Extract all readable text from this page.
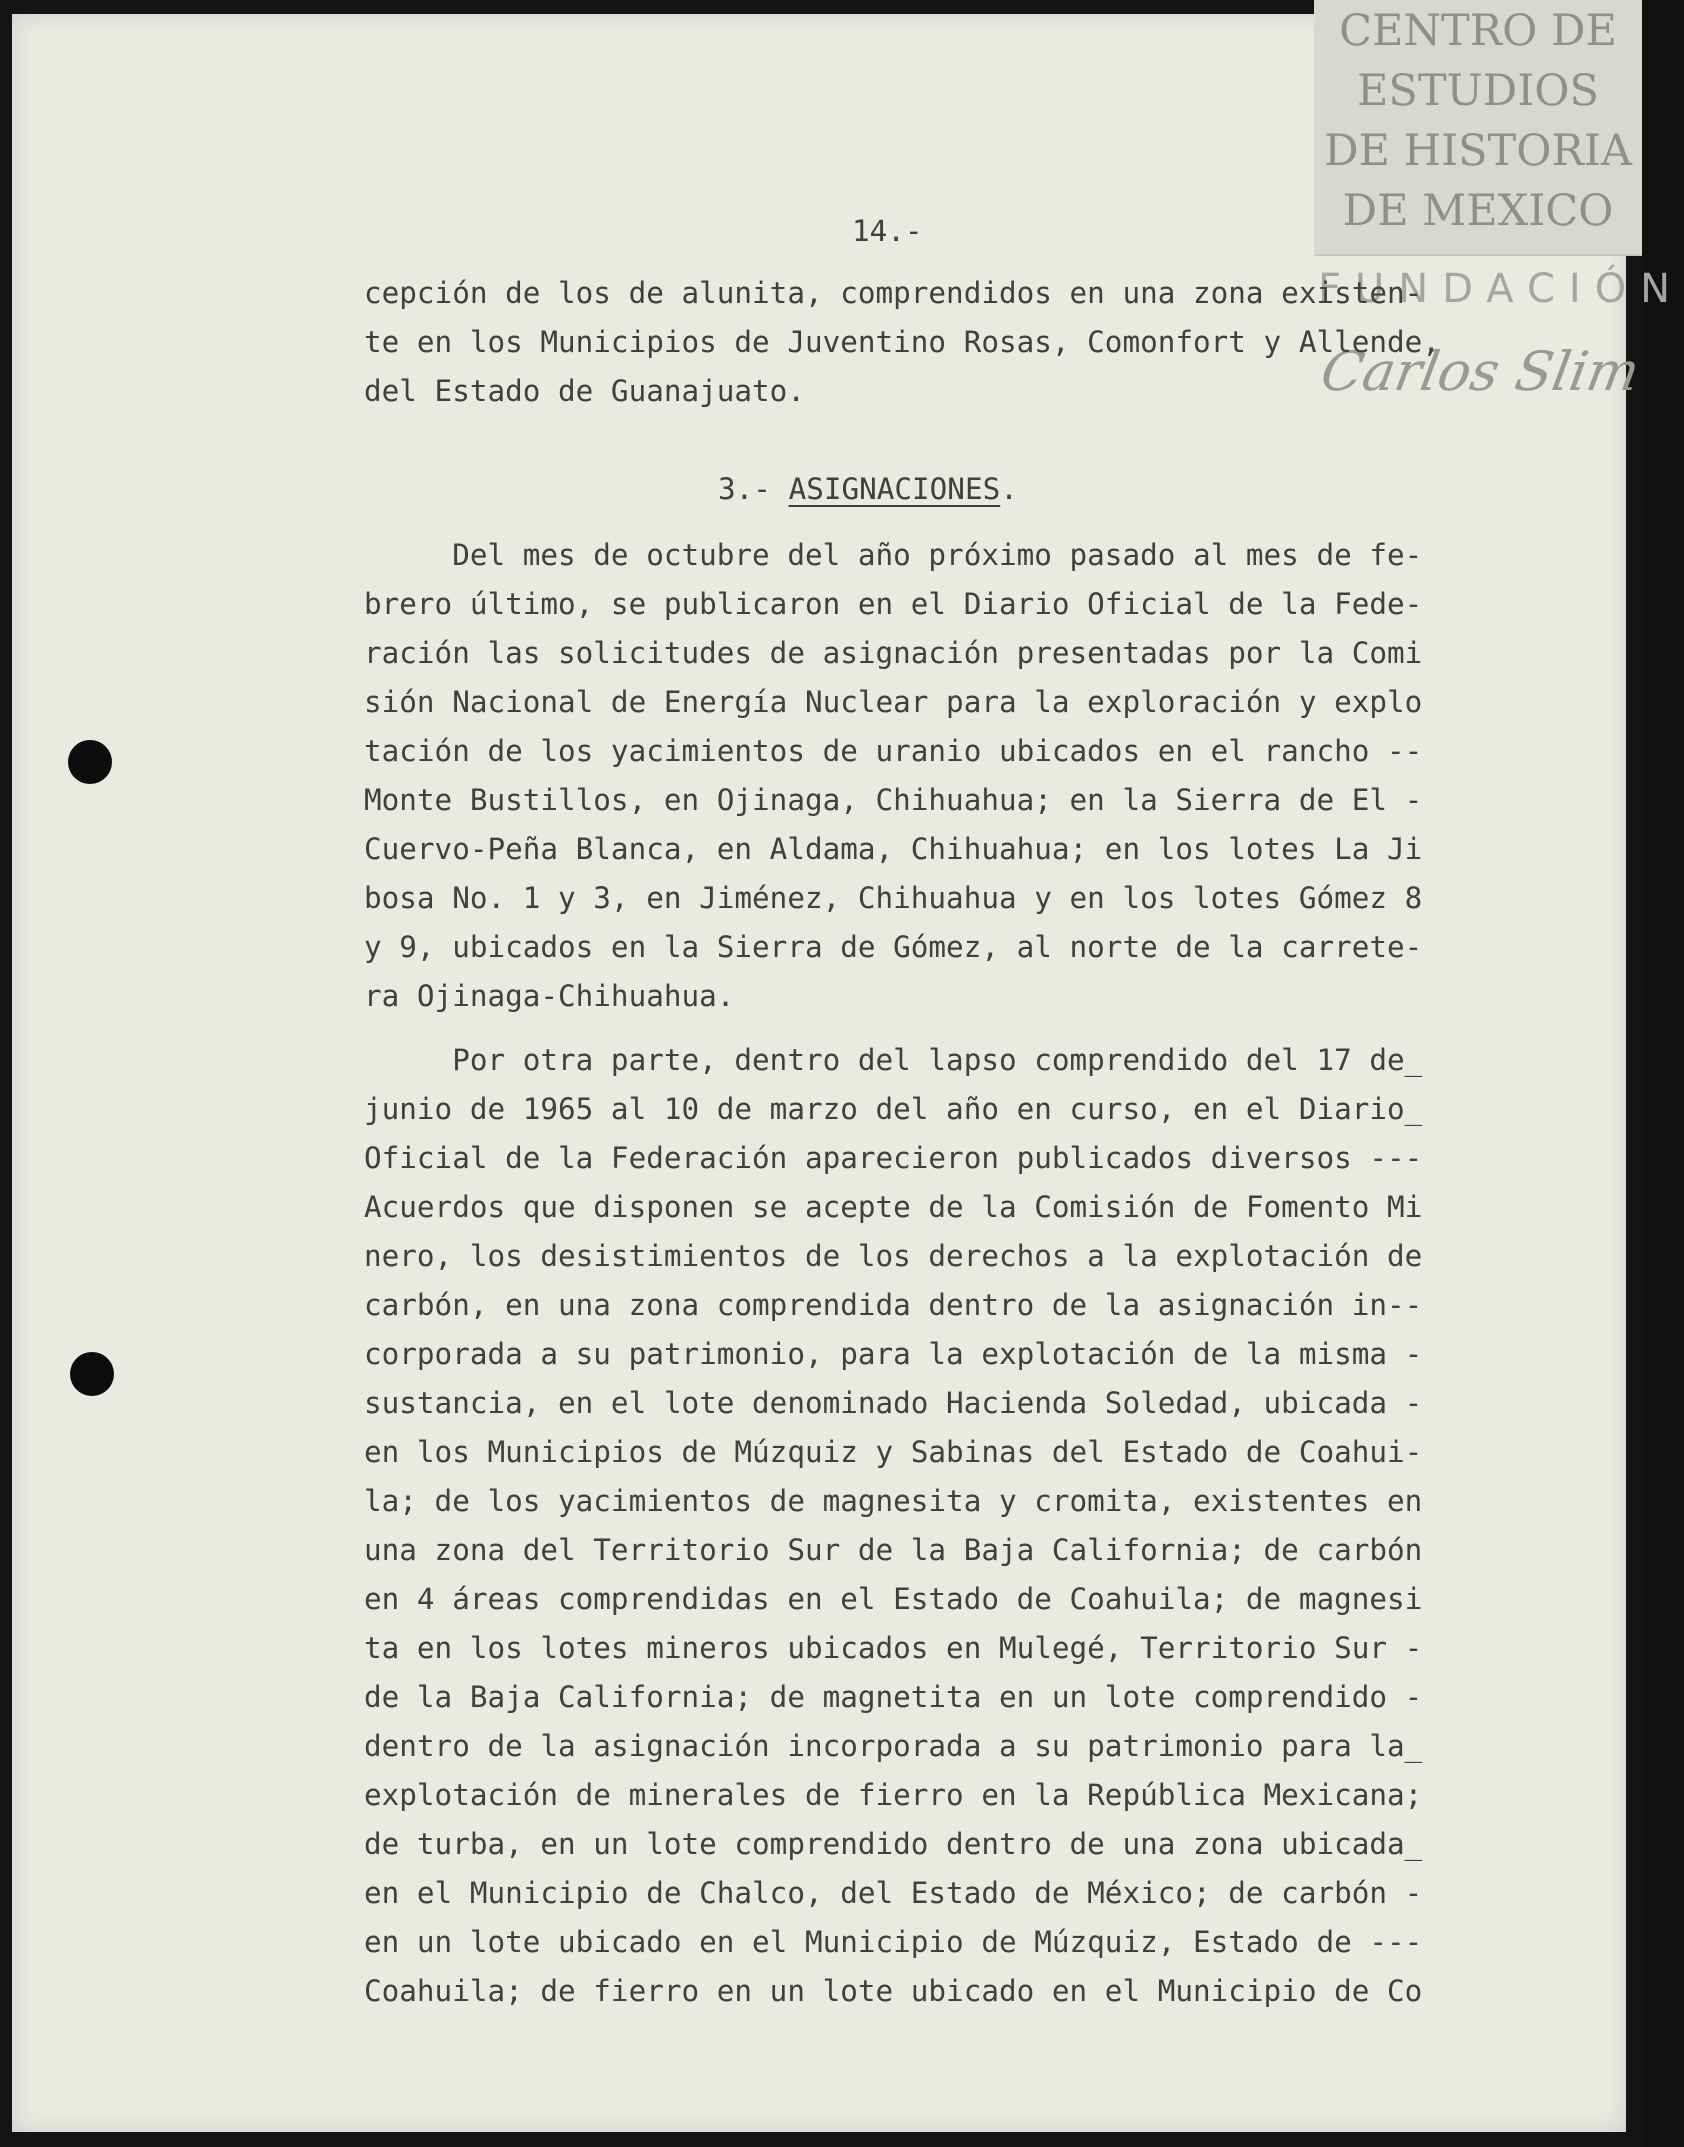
CENTRO DE
ESTUDIOS
DE HISTORIA
DE MEXICO
FUNDACIÓN
Carlos Slim
14.-
cepción de los de alunita, comprendidos en una zona existen-
te en los Municipios de Juventino Rosas, Comonfort y Allende,
del Estado de Guanajuato.
3.- ASIGNACIONES.
Del mes de octubre del año próximo pasado al mes de fe-
brero último, se publicaron en el Diario Oficial de la Fede-
ración las solicitudes de asignación presentadas por la Comi
sión Nacional de Energía Nuclear para la exploración y explo
tación de los yacimientos de uranio ubicados en el rancho --
Monte Bustillos, en Ojinaga, Chihuahua; en la Sierra de El -
Cuervo-Peña Blanca, en Aldama, Chihuahua; en los lotes La Ji
bosa No. 1 y 3, en Jiménez, Chihuahua y en los lotes Gómez 8
y 9, ubicados en la Sierra de Gómez, al norte de la carrete-
ra Ojinaga-Chihuahua.
Por otra parte, dentro del lapso comprendido del 17 de_
junio de 1965 al 10 de marzo del año en curso, en el Diario_
Oficial de la Federación aparecieron publicados diversos ---
Acuerdos que disponen se acepte de la Comisión de Fomento Mi
nero, los desistimientos de los derechos a la explotación de
carbón, en una zona comprendida dentro de la asignación in--
corporada a su patrimonio, para la explotación de la misma -
sustancia, en el lote denominado Hacienda Soledad, ubicada -
en los Municipios de Múzquiz y Sabinas del Estado de Coahui-
la; de los yacimientos de magnesita y cromita, existentes en
una zona del Territorio Sur de la Baja California; de carbón
en 4 áreas comprendidas en el Estado de Coahuila; de magnesi
ta en los lotes mineros ubicados en Mulegé, Territorio Sur -
de la Baja California; de magnetita en un lote comprendido -
dentro de la asignación incorporada a su patrimonio para la_
explotación de minerales de fierro en la República Mexicana;
de turba, en un lote comprendido dentro de una zona ubicada_
en el Municipio de Chalco, del Estado de México; de carbón -
en un lote ubicado en el Municipio de Múzquiz, Estado de ---
Coahuila; de fierro en un lote ubicado en el Municipio de Co
